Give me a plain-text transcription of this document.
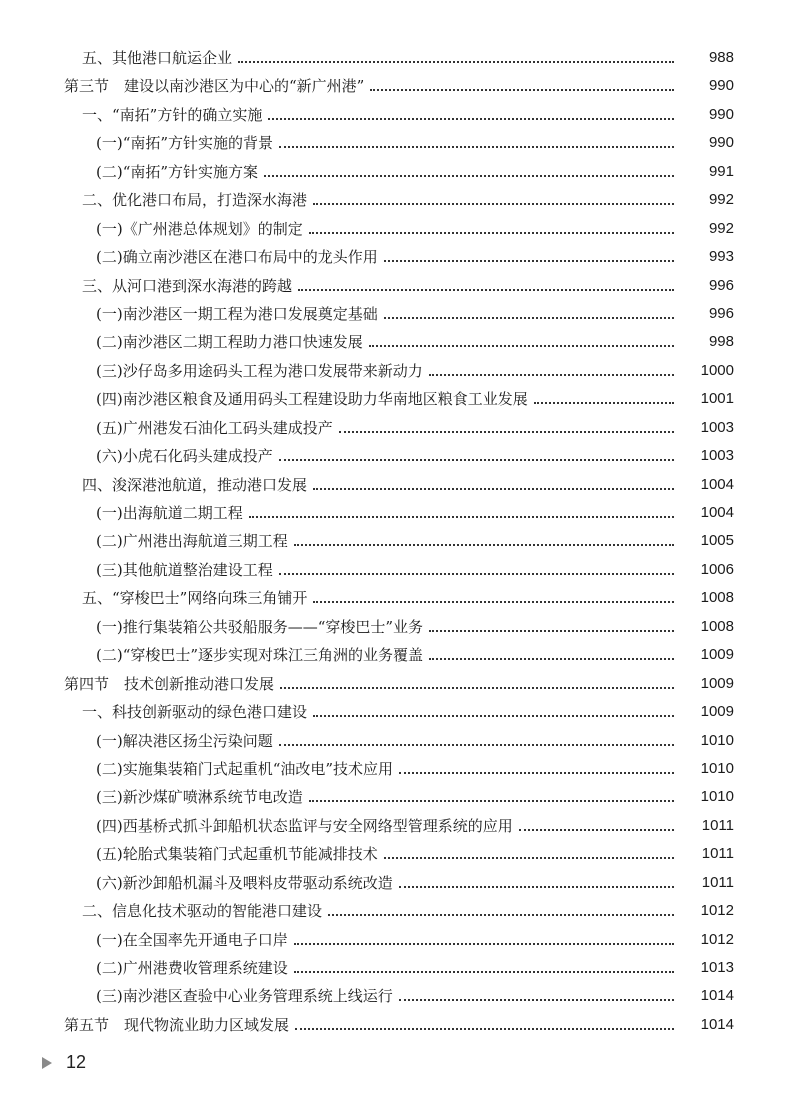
五、其他港口航运企业	988
第三节　建设以南沙港区为中心的“新广州港”	990
一、“南拓”方针的确立实施	990
(一)“南拓”方针实施的背景	990
(二)“南拓”方针实施方案	991
二、优化港口布局，打造深水海港	992
(一)《广州港总体规划》的制定	992
(二)确立南沙港区在港口布局中的龙头作用	993
三、从河口港到深水海港的跨越	996
(一)南沙港区一期工程为港口发展奠定基础	996
(二)南沙港区二期工程助力港口快速发展	998
(三)沙仔岛多用途码头工程为港口发展带来新动力	1000
(四)南沙港区粮食及通用码头工程建设助力华南地区粮食工业发展	1001
(五)广州港发石油化工码头建成投产	1003
(六)小虎石化码头建成投产	1003
四、浚深港池航道，推动港口发展	1004
(一)出海航道二期工程	1004
(二)广州港出海航道三期工程	1005
(三)其他航道整治建设工程	1006
五、“穿梭巴士”网络向珠三角铺开	1008
(一)推行集装箱公共驳船服务——“穿梭巴士”业务	1008
(二)“穿梭巴士”逐步实现对珠江三角洲的业务覆盖	1009
第四节　技术创新推动港口发展	1009
一、科技创新驱动的绿色港口建设	1009
(一)解决港区扬尘污染问题	1010
(二)实施集装箱门式起重机“油改电”技术应用	1010
(三)新沙煤矿喷淋系统节电改造	1010
(四)西基桥式抓斗卸船机状态监评与安全网络型管理系统的应用	1011
(五)轮胎式集装箱门式起重机节能减排技术	1011
(六)新沙卸船机漏斗及喂料皮带驱动系统改造	1011
二、信息化技术驱动的智能港口建设	1012
(一)在全国率先开通电子口岸	1012
(二)广州港费收管理系统建设	1013
(三)南沙港区查验中心业务管理系统上线运行	1014
第五节　现代物流业助力区域发展	1014
12
